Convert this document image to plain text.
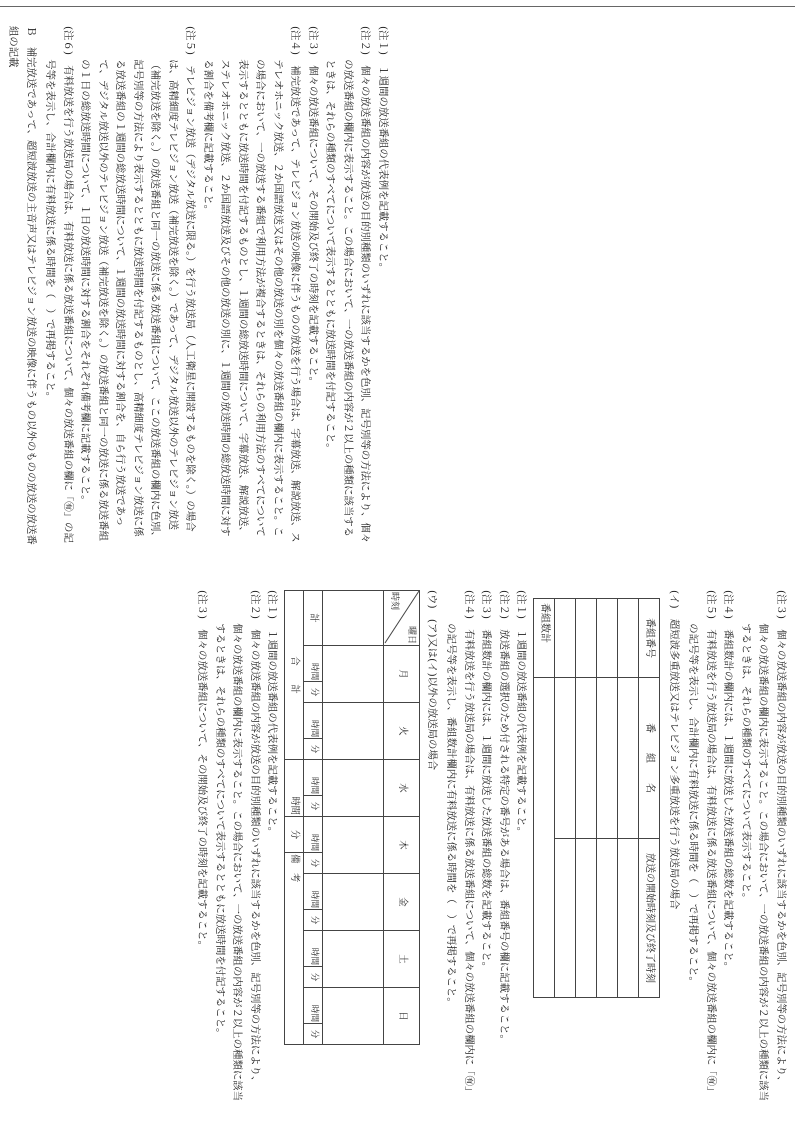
(注１)　１週間の放送番組の代表例を記載すること。

(注２)　個々の放送番組の内容が放送の目的別種類のいずれに該当するかを色別、記号別等の方法により、個々の放送番組の欄内に表示すること。この場合において、一の放送番組の内容が２以上の種類に該当するときは、それらの種類のすべてについて表示するとともに放送時間を付記すること。

(注３)　個々の放送番組について、その開始及び終了の時刻を記載すること。

(注４)　補完放送であって、テレビジョン放送の映像に伴うものの放送を行う場合は、字幕放送、解説放送、ステレオホニック放送、２か国語放送又はその他の放送の別を個々の放送番組の欄内に表示すること。この場合において、一の放送する番組で利用方法が複合するときは、それらの利用方法のすべてについて表示するとともに放送時間を付記するものとし、１週間の総放送時間について、字幕放送、解説放送、ステレオホニック放送、２か国語放送及びその他の放送の別に、１週間の放送時間の総放送時間に対する割合を備考欄に記載すること。

(注５)　テレビジョン放送（デジタル放送に限る。）を行う放送局（人工衛星に開設するものを除く。）の場合は、高精細度テレビジョン放送（補完放送を除く。）であって、デジタル放送以外のテレビジョン放送（補完放送を除く。）の放送番組と同一の放送に係る放送番組について、ここの放送番組の欄内に色別、記号別等の方法により表示するとともに放送時間を付記するものとし、高精細度テレビジョン放送に係る放送番組の１週間の総放送時間について、１週間の放送時間に対する割合を、自ら行う放送であって、デジタル放送以外のテレビジョン放送（補完放送を除く。）の放送番組と同一の放送に係る放送番組の１日の総放送時間について、１日の放送時間に対する割合をそれぞれ備考欄に記載すること。

(注６)　有料放送を行う放送局の場合は、有料放送に係る放送番組について、個々の放送番組の欄に「㊒」の記号等を表示し、合計欄内に有料放送に係る時間を（　）で再掲すること。

Ｂ　補完放送であって、超短波放送の主音声又はテレビジョン放送の映像に伴うもの以外のものの放送の放送番組の記載

(注３)　個々の放送番組の内容が放送の目的別種類のいずれに該当するかを色別、記号別等の方法により、個々の放送番組の欄内に表示すること。この場合において、一の放送番組の内容が２以上の種類に該当するときは、それらの種類のすべてについて表示すること。

(注４)　番組数計の欄内には、１週間に放送した放送番組の総数を記載すること。

(注５)　有料放送を行う放送局の場合は、有料放送に係る放送番組について、個々の放送番組の欄内に「㊒」の記号等を表示し、合計欄内に有料放送に係る時間を（　）で再掲すること。

(イ)　超短波多重放送又はテレビジョン多重放送を行う放送局の場合

番組番号	番　　組　　名	放送の開始時刻及び終了時刻

番組数計		

(注１)　１週間の放送番組の代表例を記載すること。

(注２)　放送番組の選択のため付される特定の番号がある場合は、番組番号の欄に記載すること。

(注３)　番組数計の欄内には、１週間に放送した放送番組の総数を記載すること。

(注４)　有料放送を行う放送局の場合は、有料放送に係る放送番組について、個々の放送番組の欄内に「㊒」の記号等を表示し、番組数計欄内に有料放送に係る時間を（　）で再掲すること。

(ウ)　(ア)又は(イ)以外の放送局の場合

曜日
時刻	月		火		水		木		金		土		日	

計	時間	分	時間	分	時間	分	時間	分	時間	分	時間	分	時間	分
合　　計					時間		分	備　考						

(注１)　１週間の放送番組の代表例を記載すること。

(注２)　個々の放送番組の内容が放送の目的別種類のいずれに該当するかを色別、記号別等の方法により、個々の放送番組の欄内に表示すること。この場合において、一の放送番組の内容が２以上の種類に該当するときは、それらの種類のすべてについて表示するとともに放送時間を付記すること。

(注３)　個々の放送番組について、その開始及び終了の時刻を記載すること。
